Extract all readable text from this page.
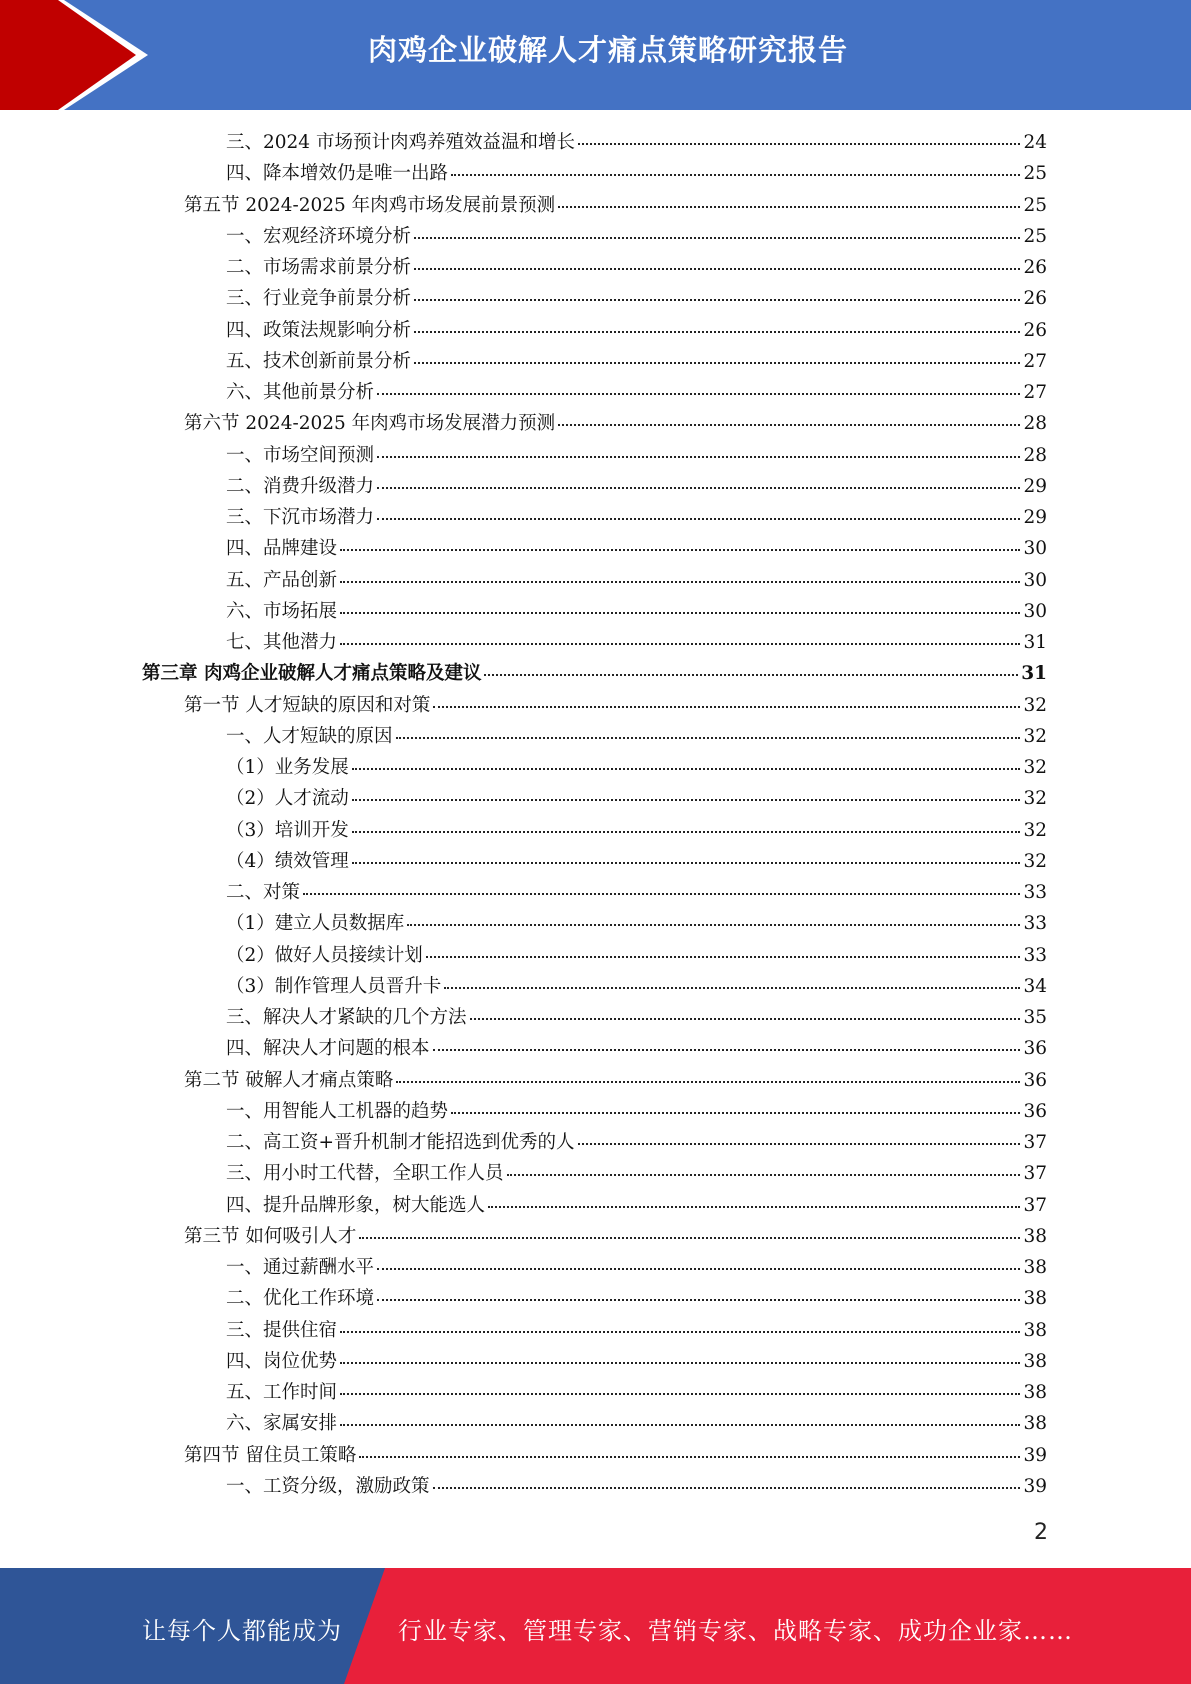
肉鸡企业破解人才痛点策略研究报告
三、2024 市场预计肉鸡养殖效益温和增长	24
四、降本增效仍是唯一出路	25
第五节 2024-2025 年肉鸡市场发展前景预测	25
一、宏观经济环境分析	25
二、市场需求前景分析	26
三、行业竞争前景分析	26
四、政策法规影响分析	26
五、技术创新前景分析	27
六、其他前景分析	27
第六节 2024-2025 年肉鸡市场发展潜力预测	28
一、市场空间预测	28
二、消费升级潜力	29
三、下沉市场潜力	29
四、品牌建设	30
五、产品创新	30
六、市场拓展	30
七、其他潜力	31
第三章 肉鸡企业破解人才痛点策略及建议	31
第一节 人才短缺的原因和对策	32
一、人才短缺的原因	32
（1）业务发展	32
（2）人才流动	32
（3）培训开发	32
（4）绩效管理	32
二、对策	33
（1）建立人员数据库	33
（2）做好人员接续计划	33
（3）制作管理人员晋升卡	34
三、解决人才紧缺的几个方法	35
四、解决人才问题的根本	36
第二节 破解人才痛点策略	36
一、用智能人工机器的趋势	36
二、高工资+晋升机制才能招选到优秀的人	37
三、用小时工代替，全职工作人员	37
四、提升品牌形象，树大能选人	37
第三节 如何吸引人才	38
一、通过薪酬水平	38
二、优化工作环境	38
三、提供住宿	38
四、岗位优势	38
五、工作时间	38
六、家属安排	38
第四节 留住员工策略	39
一、工资分级，激励政策	39
2
让每个人都能成为 行业专家、管理专家、营销专家、战略专家、成功企业家……
